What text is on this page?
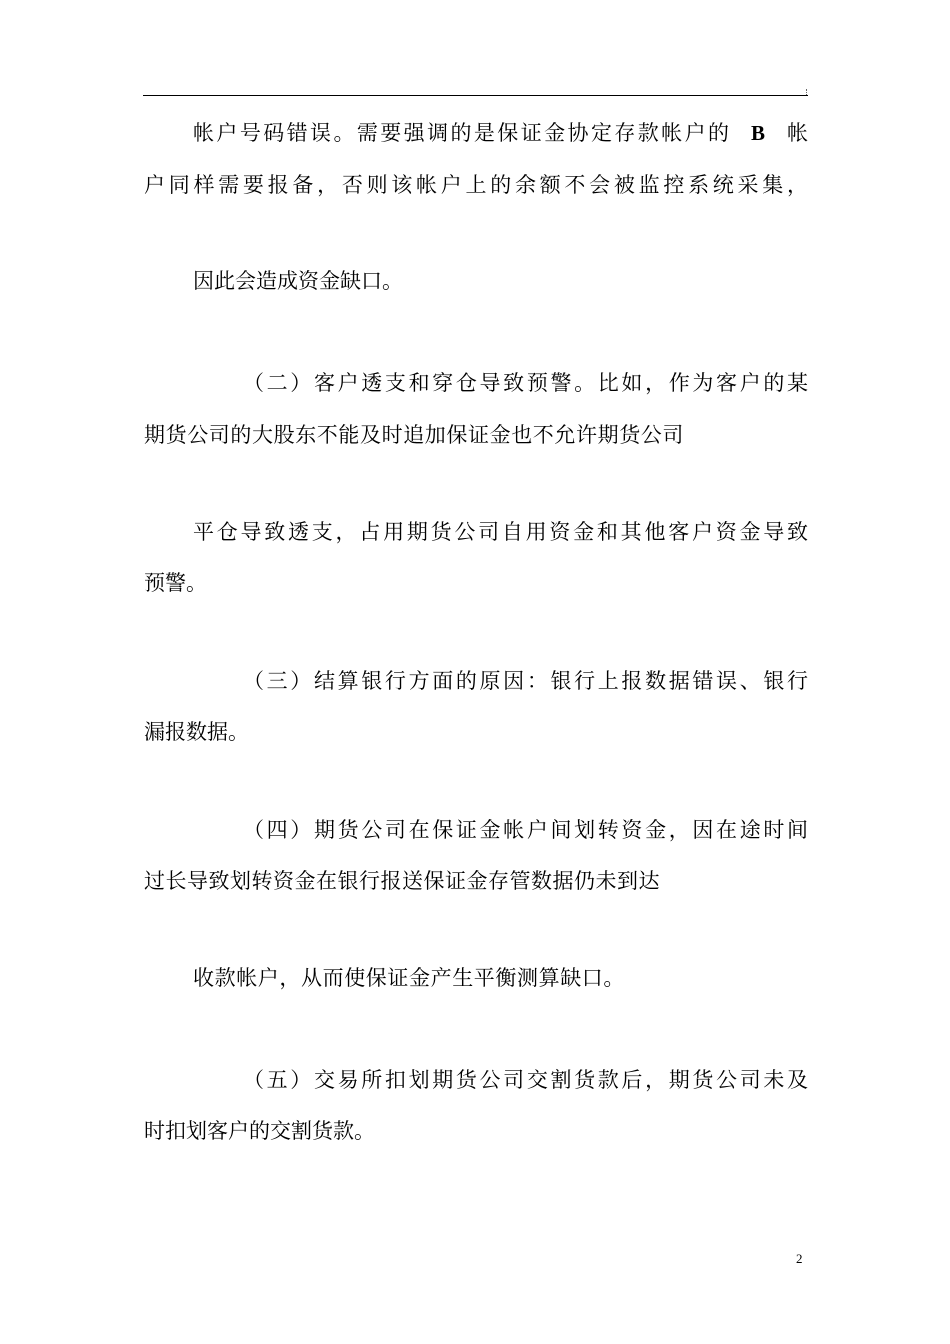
帐户号码错误。需要强调的是保证金协定存款帐户的 B 帐
户同样需要报备，否则该帐户上的余额不会被监控系统采集，
因此会造成资金缺口。
（二）客户透支和穿仓导致预警。比如，作为客户的某
期货公司的大股东不能及时追加保证金也不允许期货公司
平仓导致透支，占用期货公司自用资金和其他客户资金导致
预警。
（三）结算银行方面的原因：银行上报数据错误、银行
漏报数据。
（四）期货公司在保证金帐户间划转资金，因在途时间
过长导致划转资金在银行报送保证金存管数据仍未到达
收款帐户，从而使保证金产生平衡测算缺口。
（五）交易所扣划期货公司交割货款后，期货公司未及
时扣划客户的交割货款。
2
